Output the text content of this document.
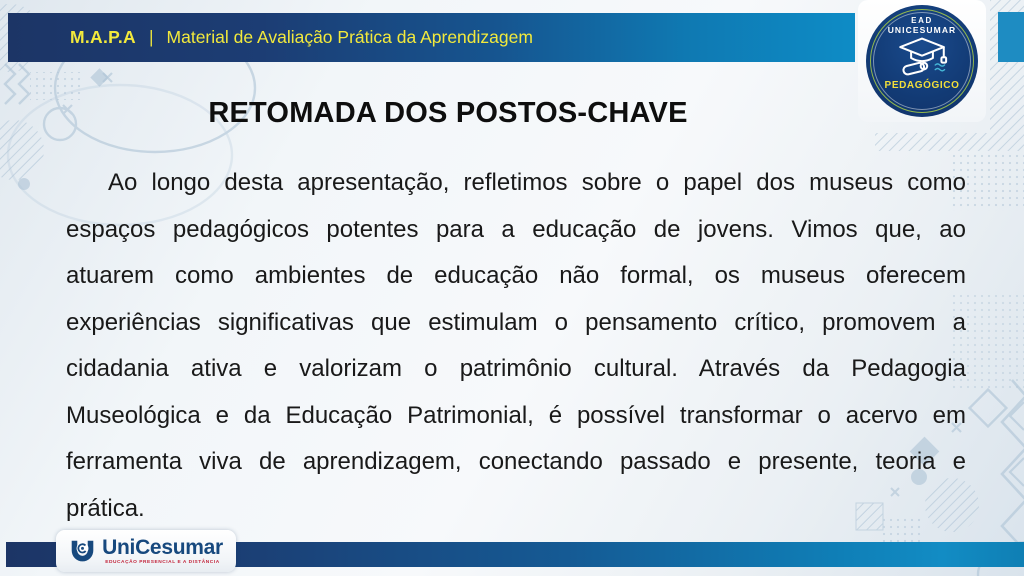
M.A.P.A | Material de Avaliação Prática da Aprendizagem
EAD
UNICESUMAR
PEDAGÓGICO
RETOMADA DOS POSTOS-CHAVE
Ao longo desta apresentação, refletimos sobre o papel dos museus como
espaços pedagógicos potentes para a educação de jovens. Vimos que, ao
atuarem como ambientes de educação não formal, os museus oferecem
experiências significativas que estimulam o pensamento crítico, promovem a
cidadania ativa e valorizam o patrimônio cultural. Através da Pedagogia
Museológica e da Educação Patrimonial, é possível transformar o acervo em
ferramenta viva de aprendizagem, conectando passado e presente, teoria e
prática.
UniCesumar
EDUCAÇÃO PRESENCIAL E A DISTÂNCIA
